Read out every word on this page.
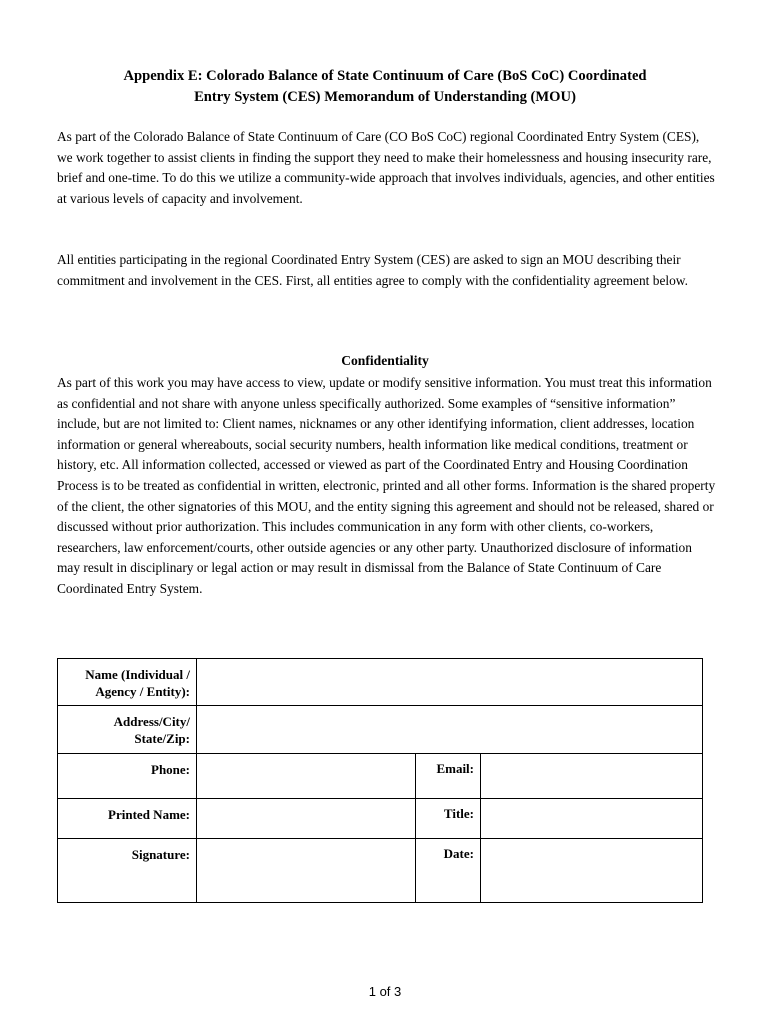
Appendix E: Colorado Balance of State Continuum of Care (BoS CoC) Coordinated
Entry System (CES) Memorandum of Understanding (MOU)

As part of the Colorado Balance of State Continuum of Care (CO BoS CoC) regional Coordinated Entry System (CES), we work together to assist clients in finding the support they need to make their homelessness and housing insecurity rare, brief and one-time. To do this we utilize a community-wide approach that involves individuals, agencies, and other entities at various levels of capacity and involvement.

All entities participating in the regional Coordinated Entry System (CES) are asked to sign an MOU describing their commitment and involvement in the CES. First, all entities agree to comply with the confidentiality agreement below.

Confidentiality

As part of this work you may have access to view, update or modify sensitive information. You must treat this information as confidential and not share with anyone unless specifically authorized. Some examples of “sensitive information” include, but are not limited to: Client names, nicknames or any other identifying information, client addresses, location information or general whereabouts, social security numbers, health information like medical conditions, treatment or history, etc. All information collected, accessed or viewed as part of the Coordinated Entry and Housing Coordination Process is to be treated as confidential in written, electronic, printed and all other forms. Information is the shared property of the client, the other signatories of this MOU, and the entity signing this agreement and should not be released, shared or discussed without prior authorization. This includes communication in any form with other clients, co-workers, researchers, law enforcement/courts, other outside agencies or any other party. Unauthorized disclosure of information may result in disciplinary or legal action or may result in dismissal from the Balance of State Continuum of Care Coordinated Entry System.

Name (Individual / Agency / Entity):			
Address/City/ State/Zip:			
Phone:		Email:	
Printed Name:		Title:	
Signature:		Date:	
1 of 3
